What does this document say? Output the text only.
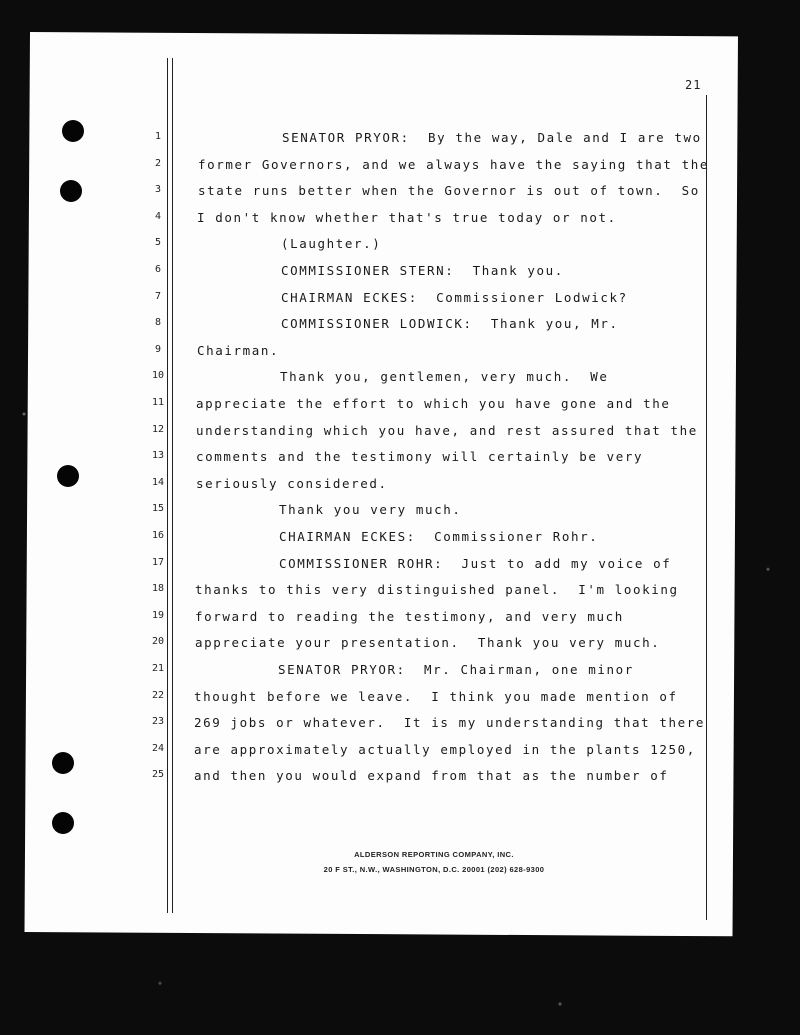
21
1	SENATOR PRYOR:  By the way, Dale and I are two
2	former Governors, and we always have the saying that the
3	state runs better when the Governor is out of town.  So
4	I don't know whether that's true today or not.
5	(Laughter.)
6	COMMISSIONER STERN:  Thank you.
7	CHAIRMAN ECKES:  Commissioner Lodwick?
8	COMMISSIONER LODWICK:  Thank you, Mr.
9	Chairman.
10	Thank you, gentlemen, very much.  We
11	appreciate the effort to which you have gone and the
12	understanding which you have, and rest assured that the
13	comments and the testimony will certainly be very
14	seriously considered.
15	Thank you very much.
16	CHAIRMAN ECKES:  Commissioner Rohr.
17	COMMISSIONER ROHR:  Just to add my voice of
18	thanks to this very distinguished panel.  I'm looking
19	forward to reading the testimony, and very much
20	appreciate your presentation.  Thank you very much.
21	SENATOR PRYOR:  Mr. Chairman, one minor
22	thought before we leave.  I think you made mention of
23	269 jobs or whatever.  It is my understanding that there
24	are approximately actually employed in the plants 1250,
25	and then you would expand from that as the number of
ALDERSON REPORTING COMPANY, INC.
20 F ST., N.W., WASHINGTON, D.C. 20001 (202) 628-9300
